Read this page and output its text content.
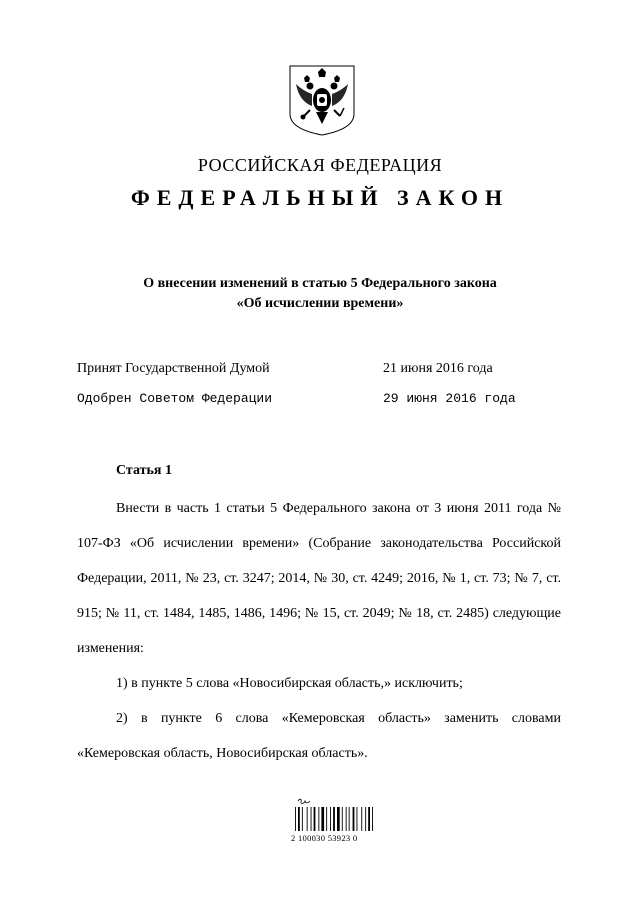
РОССИЙСКАЯ ФЕДЕРАЦИЯ
ФЕДЕРАЛЬНЫЙ ЗАКОН
О внесении изменений в статью 5 Федерального закона
«Об исчислении времени»
Принят Государственной Думой	21 июня 2016 года
Одобрен Советом Федерации	29 июня 2016 года
Статья 1

Внести в часть 1 статьи 5 Федерального закона от 3 июня 2011 года № 107-ФЗ «Об исчислении времени» (Собрание законодательства Российской Федерации, 2011, № 23, ст. 3247; 2014, № 30, ст. 4249; 2016, № 1, ст. 73; № 7, ст. 915; № 11, ст. 1484, 1485, 1486, 1496; № 15, ст. 2049; № 18, ст. 2485) следующие изменения:

1) в пункте 5 слова «Новосибирская область,» исключить;

2) в пункте 6 слова «Кемеровская область» заменить словами «Кемеровская область, Новосибирская область».

2 100030 53923 0
